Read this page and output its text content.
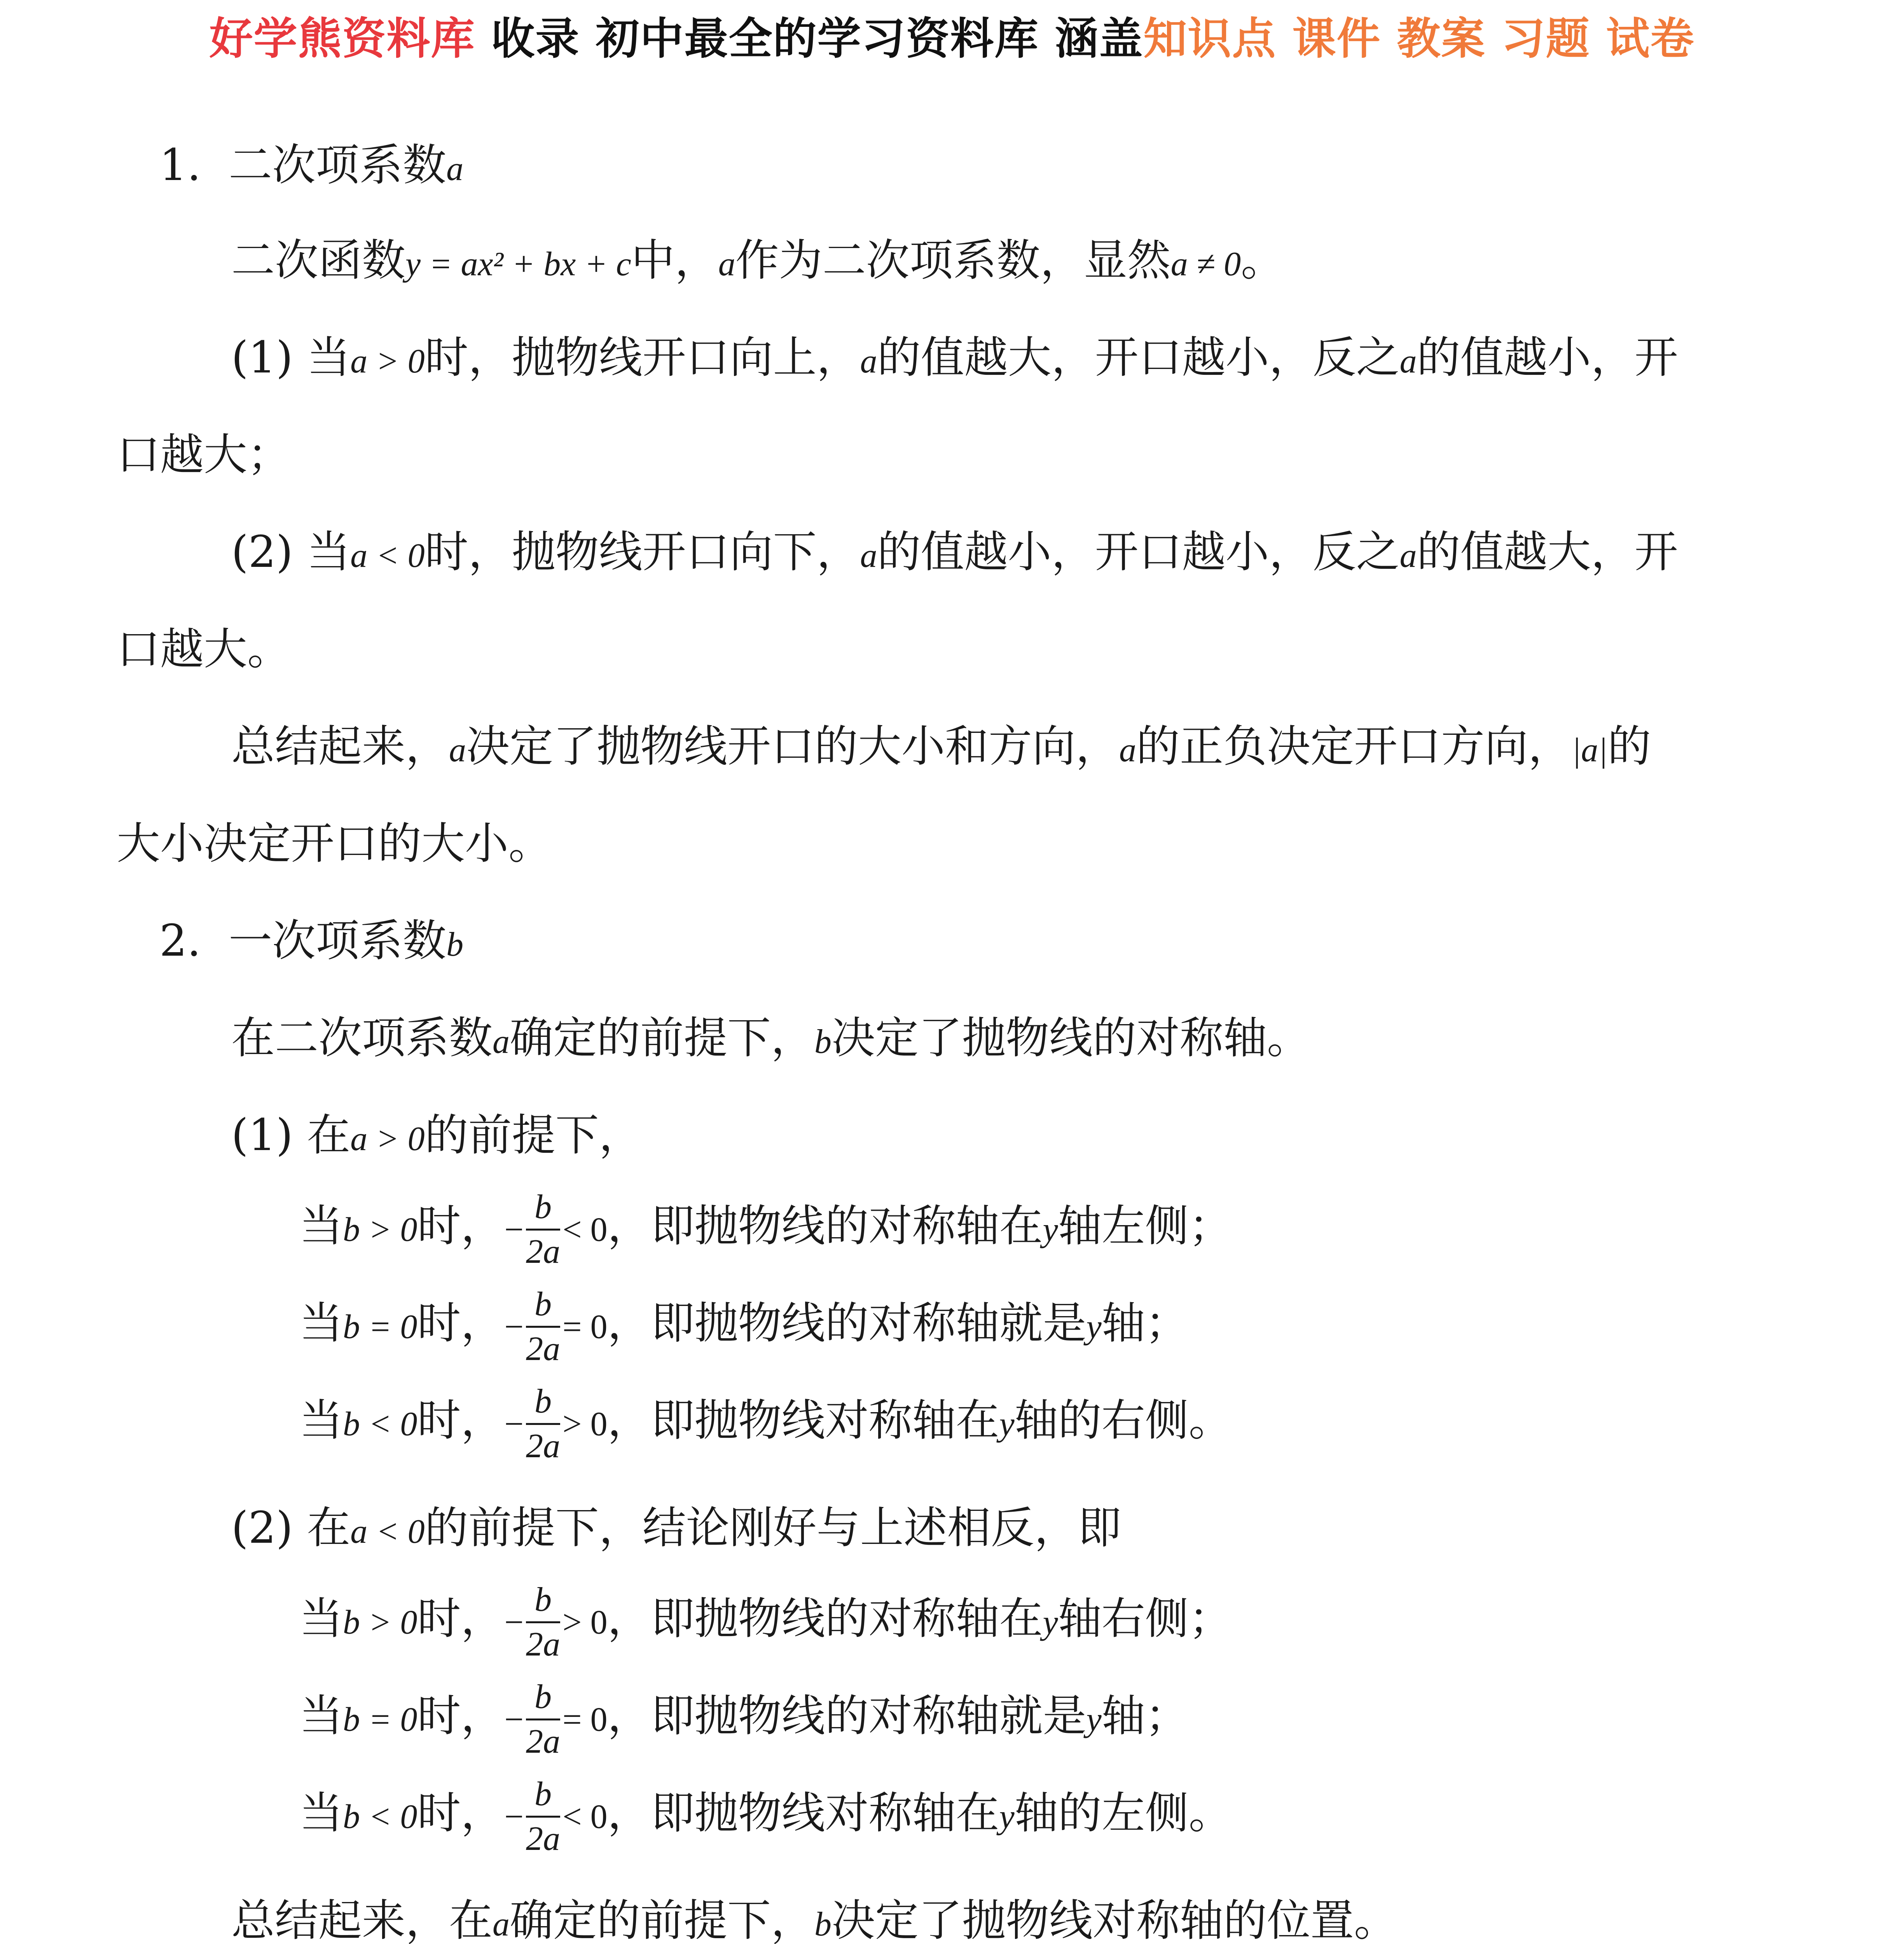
好学熊资料库 收录 初中最全的学习资料库 涵盖知识点 课件 教案 习题 试卷
1. 二次项系数a
二次函数y = ax² + bx + c中，a作为二次项系数，显然a ≠ 0。
(1) 当a > 0时，抛物线开口向上，a的值越大，开口越小，反之a的值越小，开
口越大；
(2) 当a < 0时，抛物线开口向下，a的值越小，开口越小，反之a的值越大，开
口越大。
总结起来，a决定了抛物线开口的大小和方向，a的正负决定开口方向，|a|的
大小决定开口的大小。
2. 一次项系数b
在二次项系数a确定的前提下，b决定了抛物线的对称轴。
(1) 在a > 0的前提下，
当b > 0时，− $\frac{b}{2a} < 0$，即抛物线的对称轴在y轴左侧；
当b = 0时，− $\frac{b}{2a} = 0$，即抛物线的对称轴就是y轴；
当b < 0时，− $\frac{b}{2a} > 0$，即抛物线对称轴在y轴的右侧。
(2) 在a < 0的前提下，结论刚好与上述相反，即
当b > 0时，− $\frac{b}{2a} > 0$，即抛物线的对称轴在y轴右侧；
当b = 0时，− $\frac{b}{2a} = 0$，即抛物线的对称轴就是y轴；
当b < 0时，− $\frac{b}{2a} < 0$，即抛物线对称轴在y轴的左侧。
总结起来，在a确定的前提下，b决定了抛物线对称轴的位置。
